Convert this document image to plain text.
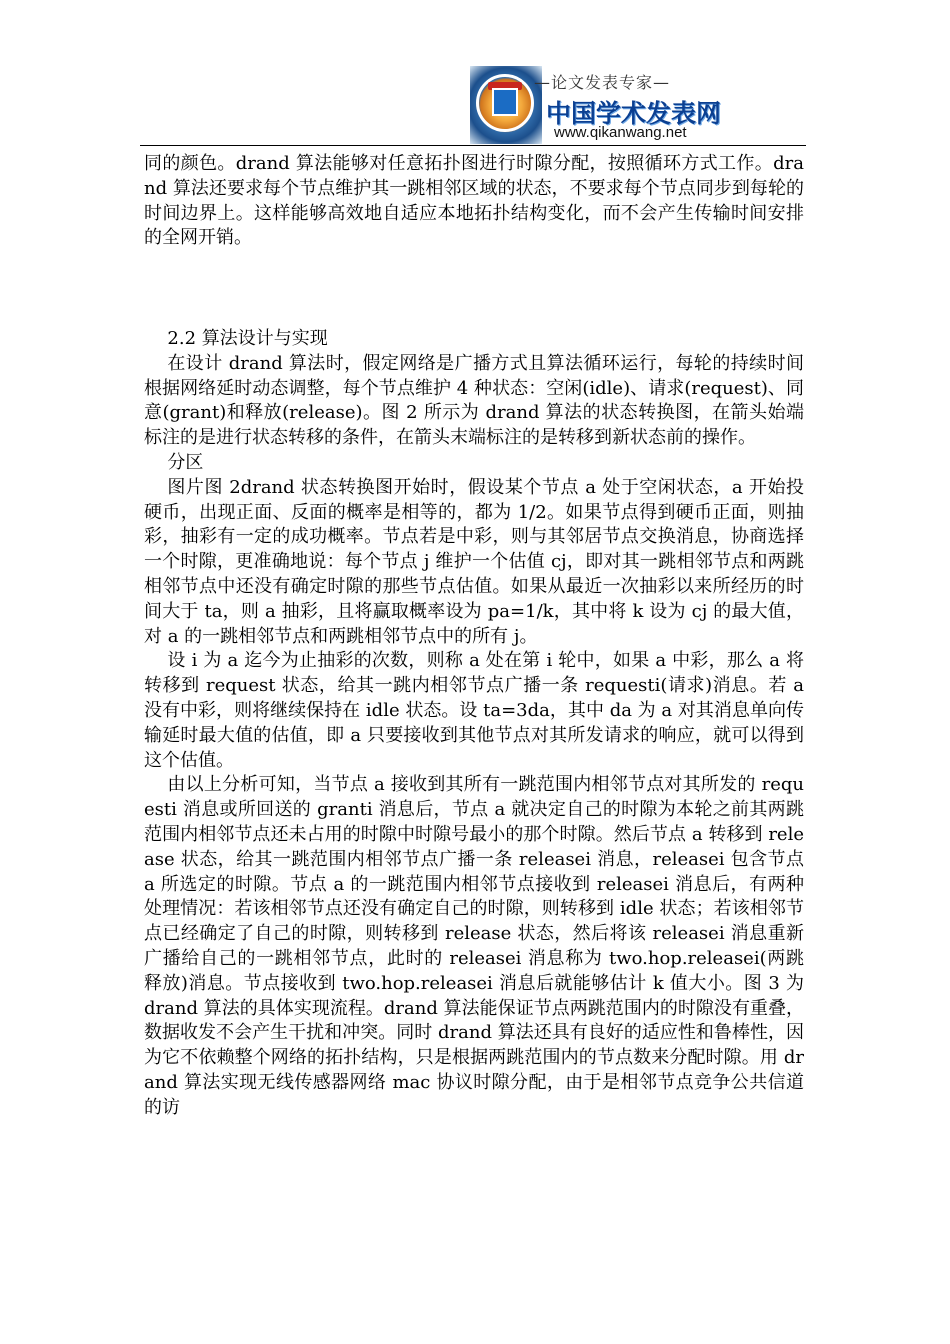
—论文发表专家—
中国学术发表网
www.qikanwang.net

同的颜色。drand 算法能够对任意拓扑图进行时隙分配，按照循环方式工作。drand 算法还要求每个节点维护其一跳相邻区域的状态，不要求每个节点同步到每轮的时间边界上。这样能够高效地自适应本地拓扑结构变化，而不会产生传输时间安排的全网开销。

2.2 算法设计与实现

在设计 drand 算法时，假定网络是广播方式且算法循环运行，每轮的持续时间根据网络延时动态调整，每个节点维护 4 种状态：空闲(idle)、请求(request)、同意(grant)和释放(release)。图 2 所示为 drand 算法的状态转换图，在箭头始端标注的是进行状态转移的条件，在箭头末端标注的是转移到新状态前的操作。

分区

图片图 2drand 状态转换图开始时，假设某个节点 a 处于空闲状态，a 开始投硬币，出现正面、反面的概率是相等的，都为 1/2。如果节点得到硬币正面，则抽彩，抽彩有一定的成功概率。节点若是中彩，则与其邻居节点交换消息，协商选择一个时隙，更准确地说：每个节点 j 维护一个估值 cj，即对其一跳相邻节点和两跳相邻节点中还没有确定时隙的那些节点估值。如果从最近一次抽彩以来所经历的时间大于 ta，则 a 抽彩，且将赢取概率设为 pa=1/k，其中将 k 设为 cj 的最大值，对 a 的一跳相邻节点和两跳相邻节点中的所有 j。

设 i 为 a 迄今为止抽彩的次数，则称 a 处在第 i 轮中，如果 a 中彩，那么 a 将转移到 request 状态，给其一跳内相邻节点广播一条 requesti(请求)消息。若 a 没有中彩，则将继续保持在 idle 状态。设 ta=3da，其中 da 为 a 对其消息单向传输延时最大值的估值，即 a 只要接收到其他节点对其所发请求的响应，就可以得到这个估值。

由以上分析可知，当节点 a 接收到其所有一跳范围内相邻节点对其所发的 requesti 消息或所回送的 granti 消息后，节点 a 就决定自己的时隙为本轮之前其两跳范围内相邻节点还未占用的时隙中时隙号最小的那个时隙。然后节点 a 转移到 release 状态，给其一跳范围内相邻节点广播一条 releasei 消息，releasei 包含节点 a 所选定的时隙。节点 a 的一跳范围内相邻节点接收到 releasei 消息后，有两种处理情况：若该相邻节点还没有确定自己的时隙，则转移到 idle 状态；若该相邻节点已经确定了自己的时隙，则转移到 release 状态，然后将该 releasei 消息重新广播给自己的一跳相邻节点，此时的 releasei 消息称为 two.hop.releasei(两跳释放)消息。节点接收到 two.hop.releasei 消息后就能够估计 k 值大小。图 3 为 drand 算法的具体实现流程。drand 算法能保证节点两跳范围内的时隙没有重叠，数据收发不会产生干扰和冲突。同时 drand 算法还具有良好的适应性和鲁棒性，因为它不依赖整个网络的拓扑结构，只是根据两跳范围内的节点数来分配时隙。用 drand 算法实现无线传感器网络 mac 协议时隙分配，由于是相邻节点竞争公共信道的访
